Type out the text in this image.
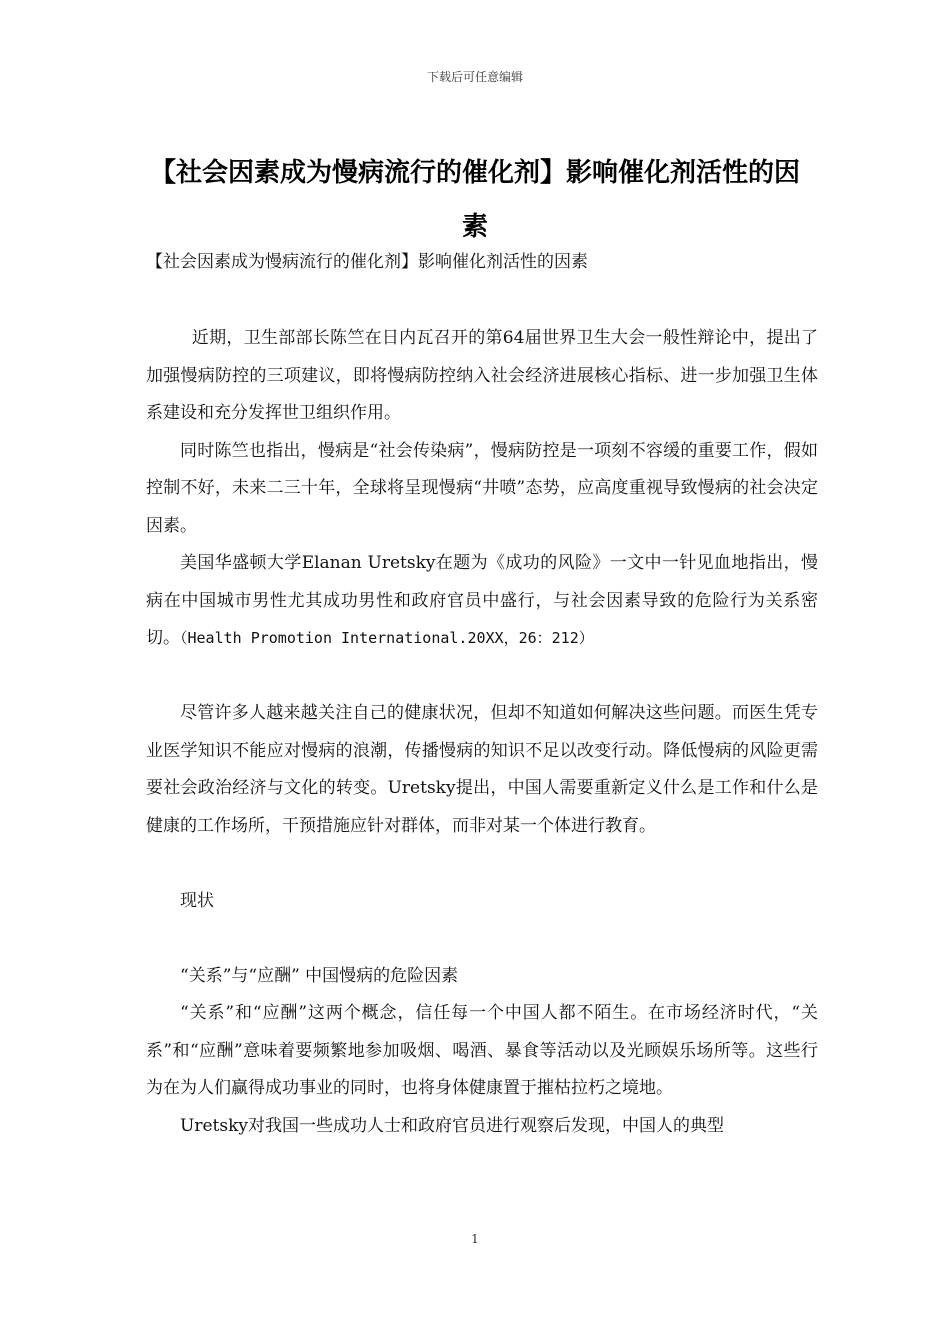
下载后可任意编辑
【社会因素成为慢病流行的催化剂】影响催化剂活性的因素
【社会因素成为慢病流行的催化剂】影响催化剂活性的因素

近期，卫生部部长陈竺在日内瓦召开的第64届世界卫生大会一般性辩论中，提出了加强慢病防控的三项建议，即将慢病防控纳入社会经济进展核心指标、进一步加强卫生体系建设和充分发挥世卫组织作用。

同时陈竺也指出，慢病是“社会传染病”，慢病防控是一项刻不容缓的重要工作，假如控制不好，未来二三十年，全球将呈现慢病“井喷”态势，应高度重视导致慢病的社会决定因素。

美国华盛顿大学Elanan Uretsky在题为《成功的风险》一文中一针见血地指出，慢病在中国城市男性尤其成功男性和政府官员中盛行，与社会因素导致的危险行为关系密切。（Health Promotion International.20XX，26：212）

尽管许多人越来越关注自己的健康状况，但却不知道如何解决这些问题。而医生凭专业医学知识不能应对慢病的浪潮，传播慢病的知识不足以改变行动。降低慢病的风险更需要社会政治经济与文化的转变。Uretsky提出，中国人需要重新定义什么是工作和什么是健康的工作场所，干预措施应针对群体，而非对某一个体进行教育。

现状

“关系”与“应酬” 中国慢病的危险因素

“关系”和“应酬”这两个概念，信任每一个中国人都不陌生。在市场经济时代，“关系”和“应酬”意味着要频繁地参加吸烟、喝酒、暴食等活动以及光顾娱乐场所等。这些行为在为人们赢得成功事业的同时，也将身体健康置于摧枯拉朽之境地。

Uretsky对我国一些成功人士和政府官员进行观察后发现，中国人的典型

1
